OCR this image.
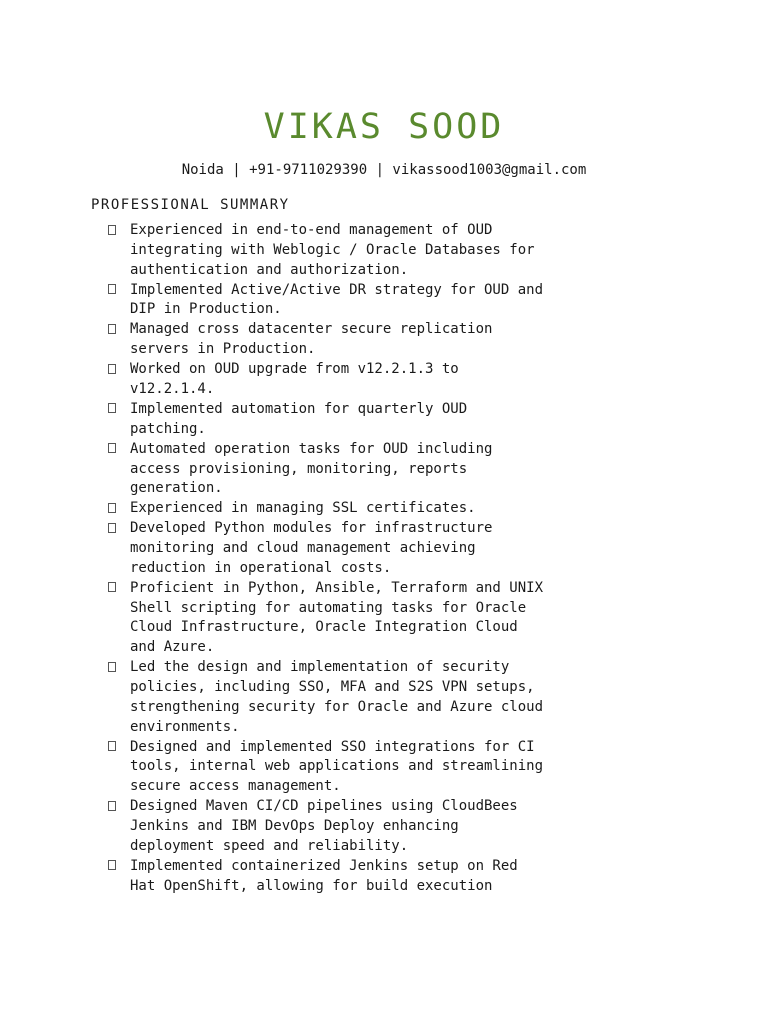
VIKAS SOOD
Noida | +91-9711029390 | vikassood1003@gmail.com
PROFESSIONAL SUMMARY
Experienced in end-to-end management of OUD integrating with Weblogic / Oracle Databases for authentication and authorization.
Implemented Active/Active DR strategy for OUD and DIP in Production.
Managed cross datacenter secure replication servers in Production.
Worked on OUD upgrade from v12.2.1.3 to v12.2.1.4.
Implemented automation for quarterly OUD patching.
Automated operation tasks for OUD including access provisioning, monitoring, reports generation.
Experienced in managing SSL certificates.
Developed Python modules for infrastructure monitoring and cloud management achieving reduction in operational costs.
Proficient in Python, Ansible, Terraform and UNIX Shell scripting for automating tasks for Oracle Cloud Infrastructure, Oracle Integration Cloud and Azure.
Led the design and implementation of security policies, including SSO, MFA and S2S VPN setups, strengthening security for Oracle and Azure cloud environments.
Designed and implemented SSO integrations for CI tools, internal web applications and streamlining secure access management.
Designed Maven CI/CD pipelines using CloudBees Jenkins and IBM DevOps Deploy enhancing deployment speed and reliability.
Implemented containerized Jenkins setup on Red Hat OpenShift, allowing for build execution
